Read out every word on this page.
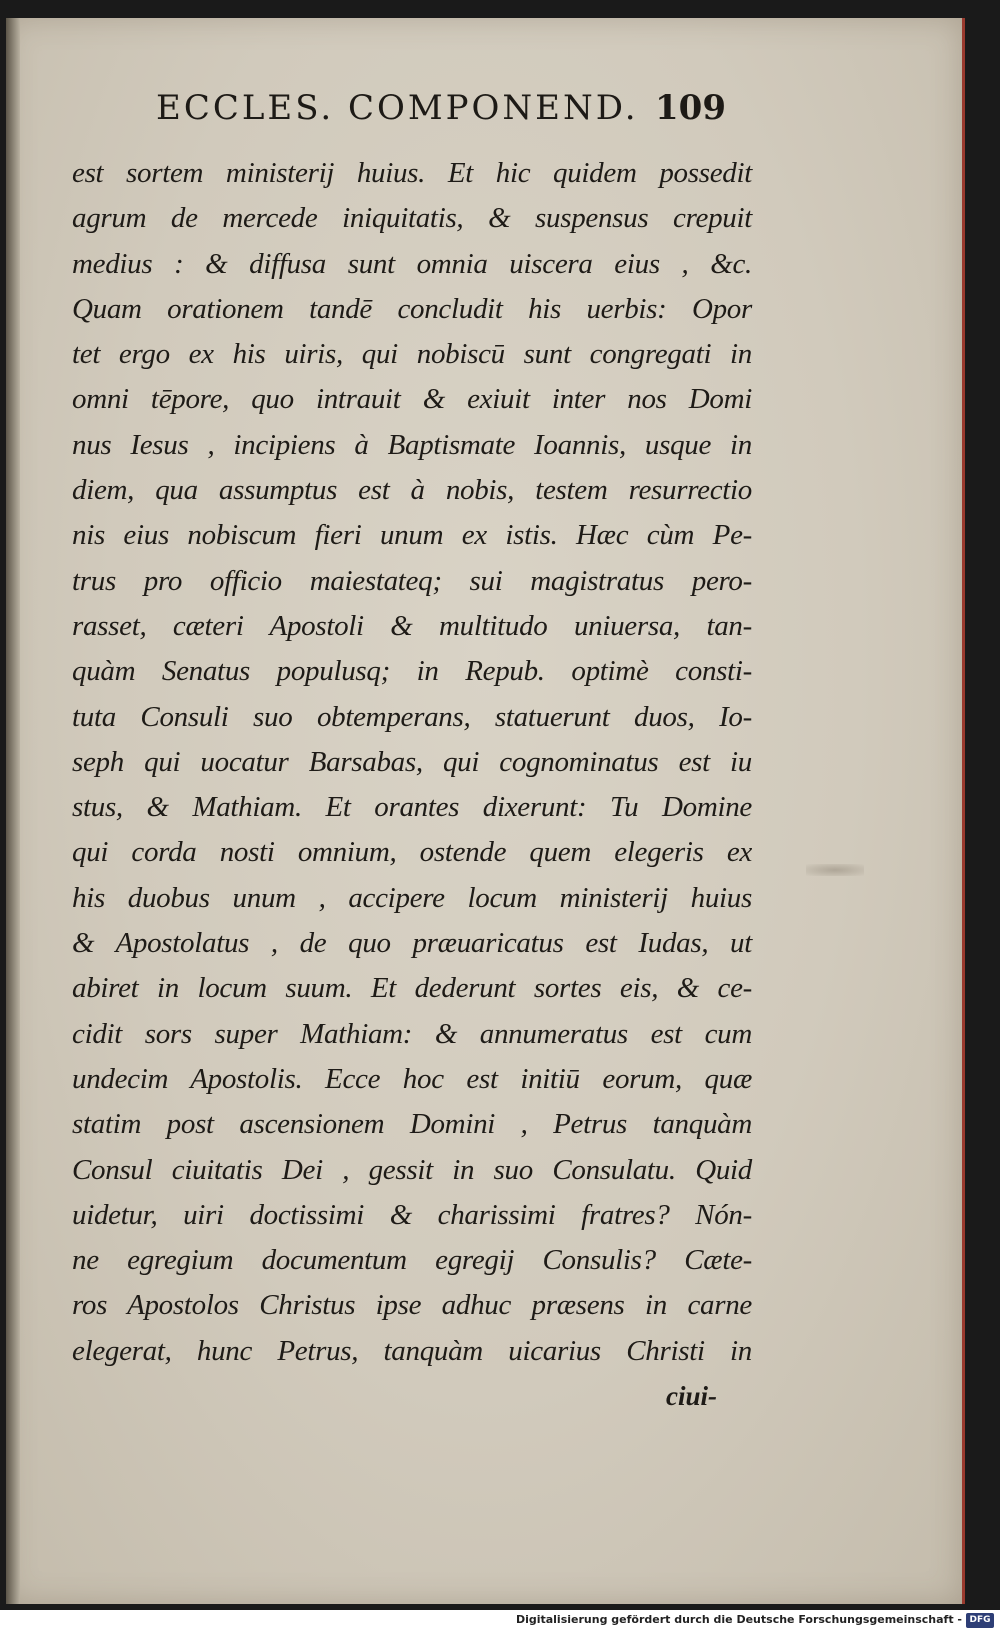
ECCLES. COMPONEND. 109
est sortem ministerij huius. Et hic quidem possedit
agrum de mercede iniquitatis, & suspensus crepuit
medius : & diffusa sunt omnia uiscera eius , &c.
Quam orationem tandē concludit his uerbis: Opor
tet ergo ex his uiris, qui nobiscū sunt congregati in
omni tēpore, quo intrauit & exiuit inter nos Domi
nus Iesus , incipiens à Baptismate Ioannis, usque in
diem, qua assumptus est à nobis, testem resurrectio
nis eius nobiscum fieri unum ex istis. Hæc cùm Pe-
trus pro officio maiestateq; sui magistratus pero-
rasset, cæteri Apostoli & multitudo uniuersa, tan-
quàm Senatus populusq; in Repub. optimè consti-
tuta Consuli suo obtemperans, statuerunt duos, Io-
seph qui uocatur Barsabas, qui cognominatus est iu
stus, & Mathiam. Et orantes dixerunt: Tu Domine
qui corda nosti omnium, ostende quem elegeris ex
his duobus unum , accipere locum ministerij huius
& Apostolatus , de quo præuaricatus est Iudas, ut
abiret in locum suum. Et dederunt sortes eis, & ce-
cidit sors super Mathiam: & annumeratus est cum
undecim Apostolis. Ecce hoc est initiū eorum, quæ
statim post ascensionem Domini , Petrus tanquàm
Consul ciuitatis Dei , gessit in suo Consulatu. Quid
uidetur, uiri doctissimi & charissimi fratres? Nón-
ne egregium documentum egregij Consulis? Cæte-
ros Apostolos Christus ipse adhuc præsens in carne
elegerat, hunc Petrus, tanquàm uicarius Christi in
ciui-
Digitalisierung gefördert durch die Deutsche Forschungsgemeinschaft - DFG
